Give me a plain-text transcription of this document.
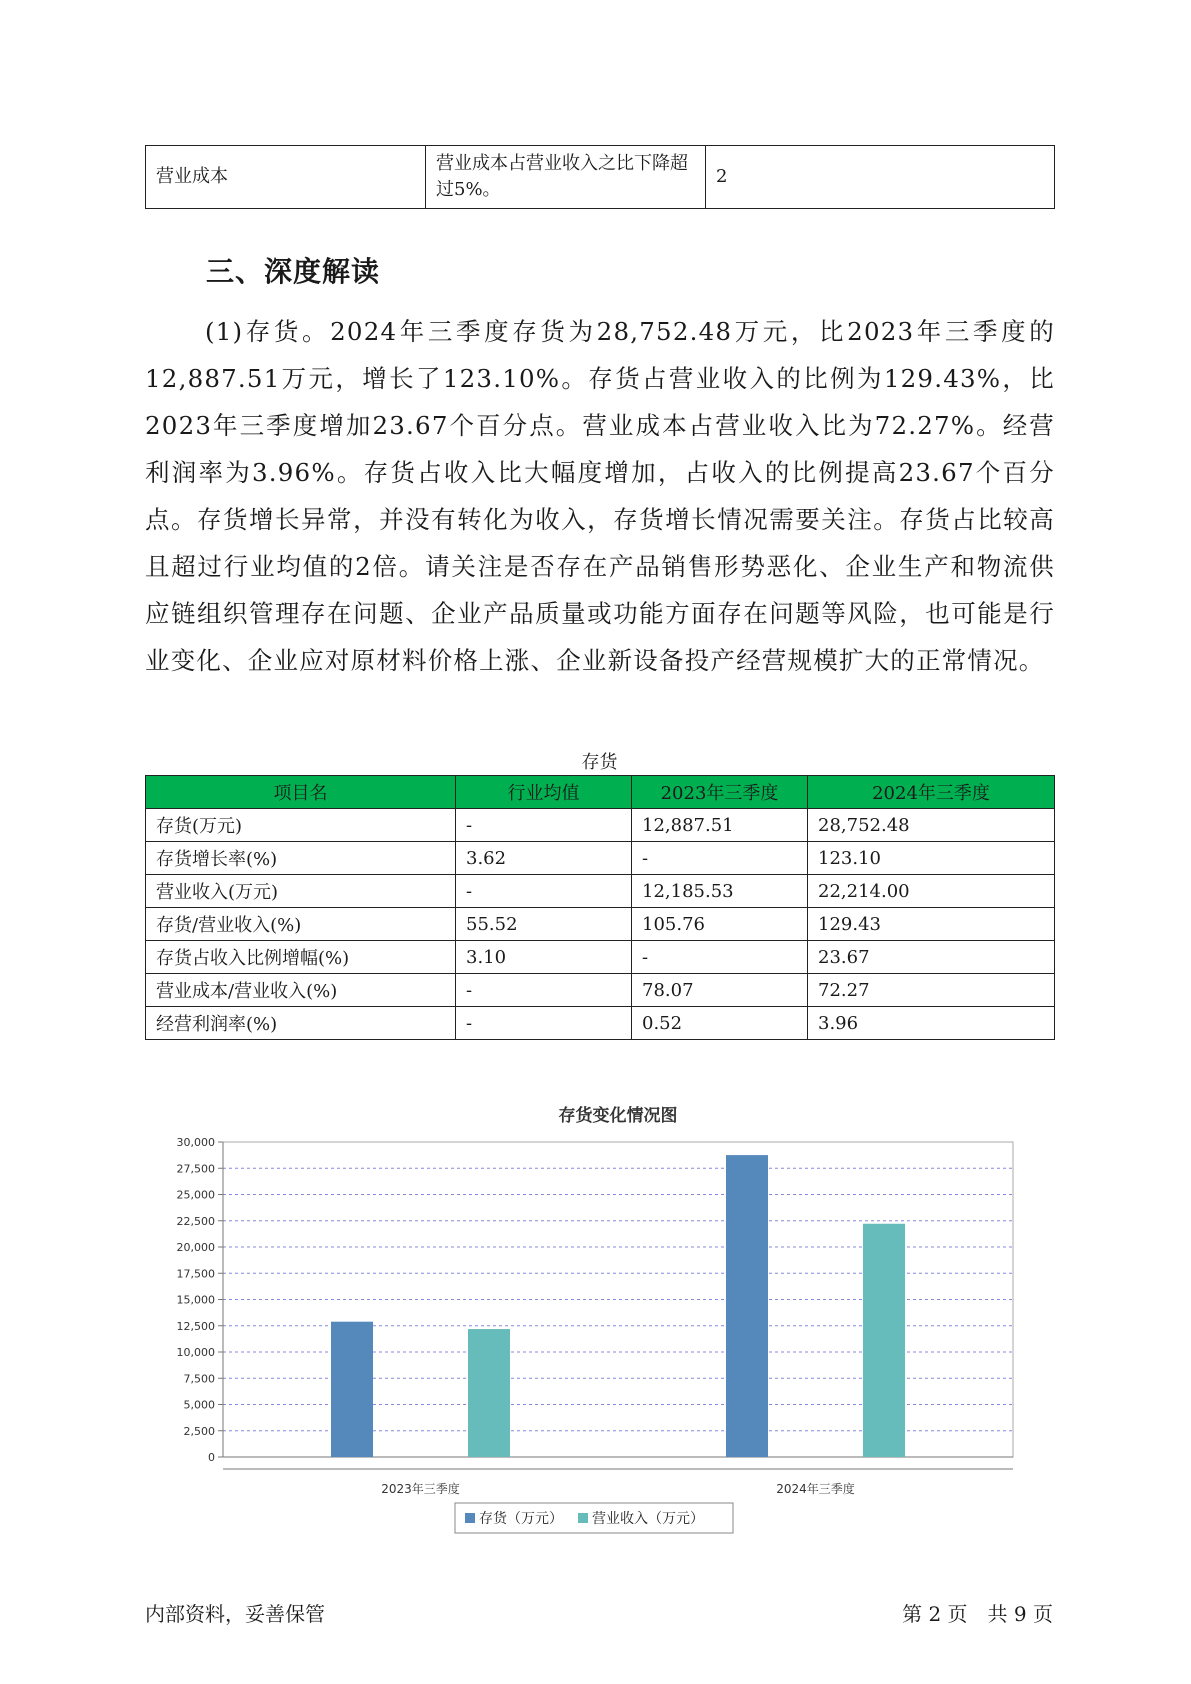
营业成本	营业成本占营业收入之比下降超过5%。	2
三、深度解读

(1)存货。2024年三季度存货为28,752.48万元，比2023年三季度的12,887.51万元，增长了123.10%。存货占营业收入的比例为129.43%，比2023年三季度增加23.67个百分点。营业成本占营业收入比为72.27%。经营利润率为3.96%。存货占收入比大幅度增加，占收入的比例提高23.67个百分点。存货增长异常，并没有转化为收入，存货增长情况需要关注。存货占比较高且超过行业均值的2倍。请关注是否存在产品销售形势恶化、企业生产和物流供应链组织管理存在问题、企业产品质量或功能方面存在问题等风险，也可能是行业变化、企业应对原材料价格上涨、企业新设备投产经营规模扩大的正常情况。

存货
项目名	行业均值	2023年三季度	2024年三季度
存货(万元)	-	12,887.51	28,752.48
存货增长率(%)	3.62	-	123.10
营业收入(万元)	-	12,185.53	22,214.00
存货/营业收入(%)	55.52	105.76	129.43
存货占收入比例增幅(%)	3.10	-	23.67
营业成本/营业收入(%)	-	78.07	72.27
经营利润率(%)	-	0.52	3.96
存货变化情况图
0
2,500
5,000
7,500
10,000
12,500
15,000
17,500
20,000
22,500
25,000
27,500
30,000
2023年三季度	2024年三季度
存货（万元） 营业收入（万元）
内部资料，妥善保管	第 2 页　共 9 页
